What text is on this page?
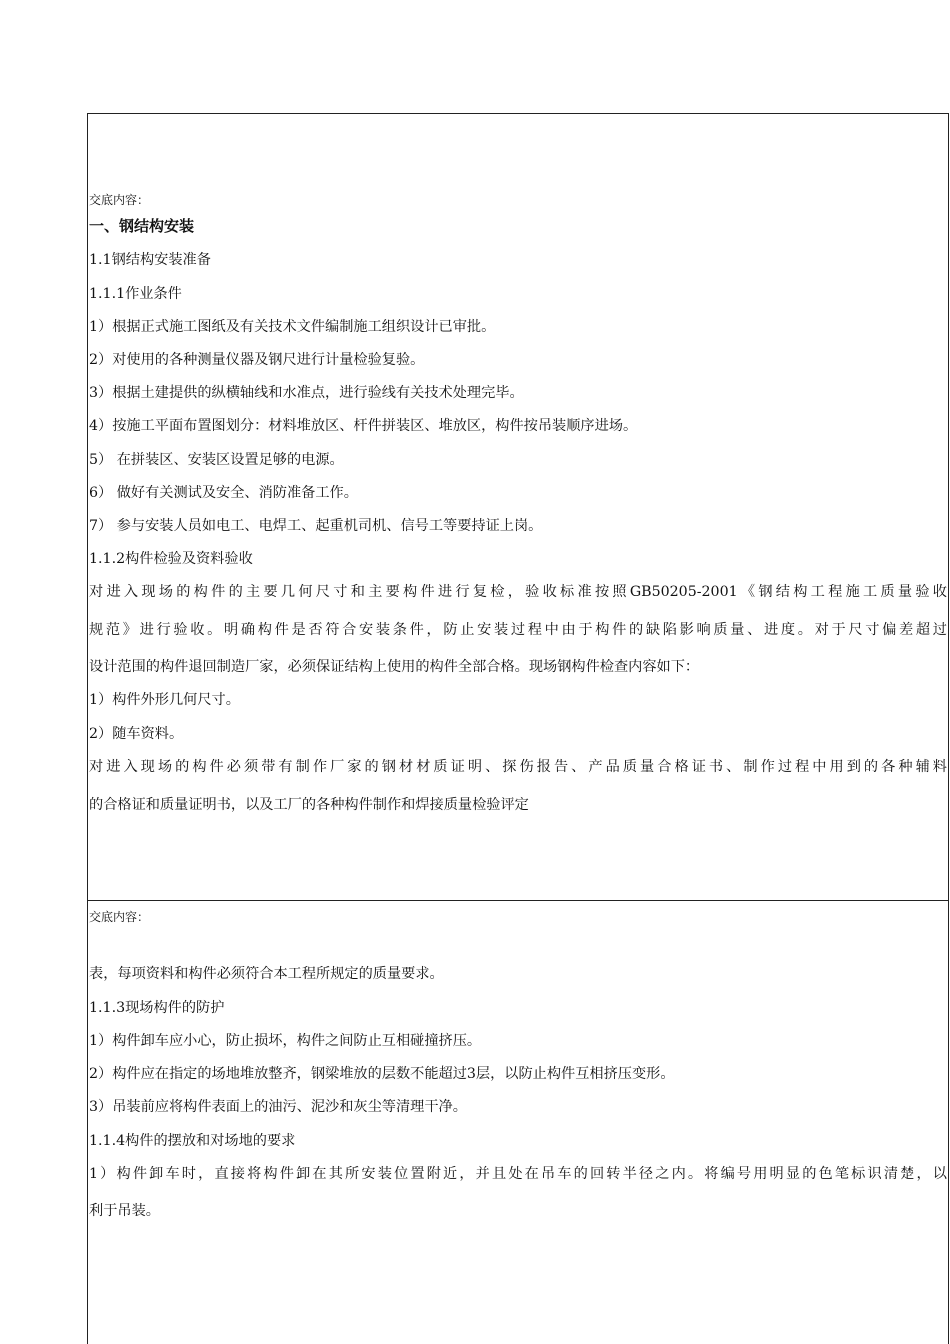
交底内容：
一、钢结构安装
1.1钢结构安装准备
1.1.1作业条件
1）根据正式施工图纸及有关技术文件编制施工组织设计已审批。
2）对使用的各种测量仪器及钢尺进行计量检验复验。
3）根据土建提供的纵横轴线和水准点，进行验线有关技术处理完毕。
4）按施工平面布置图划分：材料堆放区、杆件拼装区、堆放区，构件按吊装顺序进场。
5） 在拼装区、安装区设置足够的电源。
6） 做好有关测试及安全、消防准备工作。
7） 参与安装人员如电工、电焊工、起重机司机、信号工等要持证上岗。
1.1.2构件检验及资料验收
对进入现场的构件的主要几何尺寸和主要构件进行复检，验收标准按照GB50205-2001《钢结构工程施工质量验收
规范》进行验收。明确构件是否符合安装条件，防止安装过程中由于构件的缺陷影响质量、进度。对于尺寸偏差超过
设计范围的构件退回制造厂家，必须保证结构上使用的构件全部合格。现场钢构件检查内容如下：
1）构件外形几何尺寸。
2）随车资料。
对进入现场的构件必须带有制作厂家的钢材材质证明、探伤报告、产品质量合格证书、制作过程中用到的各种辅料
的合格证和质量证明书，以及工厂的各种构件制作和焊接质量检验评定
交底内容：
表，每项资料和构件必须符合本工程所规定的质量要求。
1.1.3现场构件的防护
1）构件卸车应小心，防止损坏，构件之间防止互相碰撞挤压。
2）构件应在指定的场地堆放整齐，钢梁堆放的层数不能超过3层，以防止构件互相挤压变形。
3）吊装前应将构件表面上的油污、泥沙和灰尘等清理干净。
1.1.4构件的摆放和对场地的要求
1）构件卸车时，直接将构件卸在其所安装位置附近，并且处在吊车的回转半径之内。将编号用明显的色笔标识清楚，以
利于吊装。
